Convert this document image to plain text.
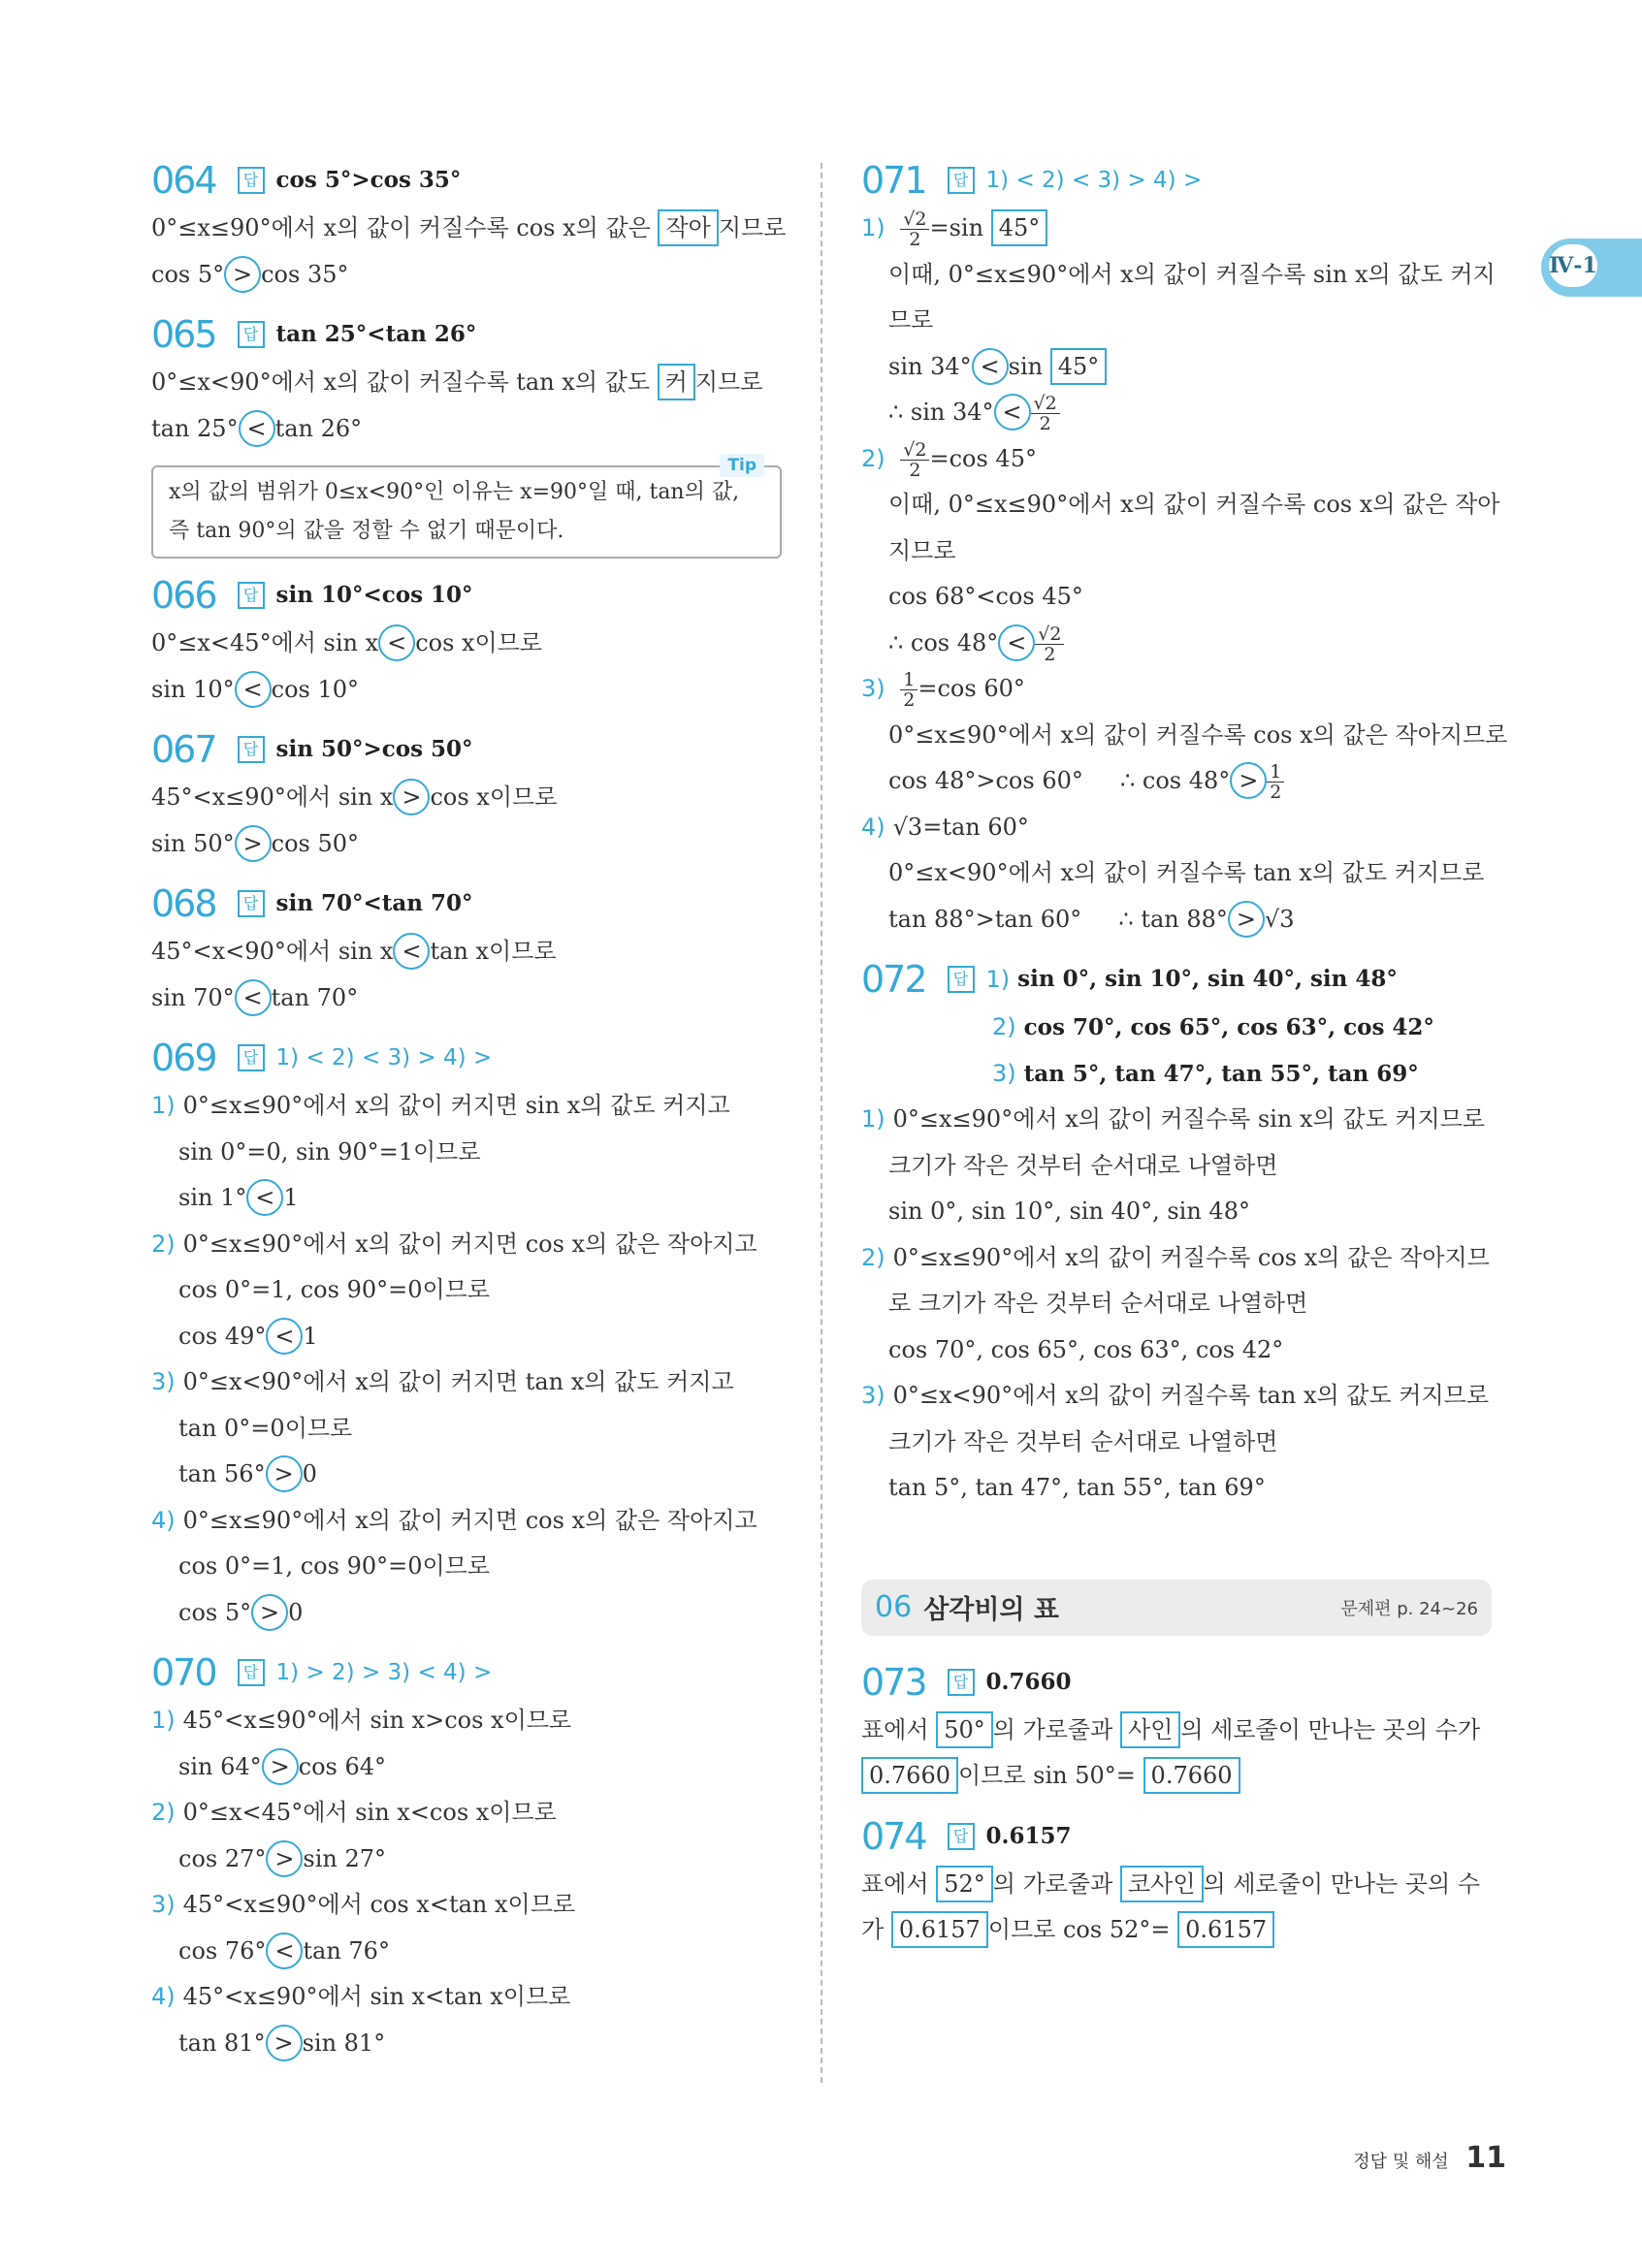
Ⅳ-1
064	답 cos 5°>cos 35°
0°≤x≤90°에서 x의 값이 커질수록 cos x의 값은 작아 지므로
cos 5° > cos 35°
065	답 tan 25°<tan 26°
0°≤x<90°에서 x의 값이 커질수록 tan x의 값도 커 지므로
tan 25° < tan 26°
Tip
x의 값의 범위가 0≤x<90°인 이유는 x=90°일 때, tan의 값,
즉 tan 90°의 값을 정할 수 없기 때문이다.
066	답 sin 10°<cos 10°
0°≤x<45°에서 sin x < cos x이므로
sin 10° < cos 10°
067	답 sin 50°>cos 50°
45°<x≤90°에서 sin x > cos x이므로
sin 50° > cos 50°
068	답 sin 70°<tan 70°
45°<x<90°에서 sin x < tan x이므로
sin 70° < tan 70°
069	답 1) < 2) < 3) > 4) >
1) 0°≤x≤90°에서 x의 값이 커지면 sin x의 값도 커지고
sin 0°=0, sin 90°=1이므로
sin 1° < 1
2) 0°≤x≤90°에서 x의 값이 커지면 cos x의 값은 작아지고
cos 0°=1, cos 90°=0이므로
cos 49° < 1
3) 0°≤x<90°에서 x의 값이 커지면 tan x의 값도 커지고
tan 0°=0이므로
tan 56° > 0
4) 0°≤x≤90°에서 x의 값이 커지면 cos x의 값은 작아지고
cos 0°=1, cos 90°=0이므로
cos 5° > 0
070	답 1) > 2) > 3) < 4) >
1) 45°<x≤90°에서 sin x>cos x이므로
sin 64° > cos 64°
2) 0°≤x<45°에서 sin x<cos x이므로
cos 27° > sin 27°
3) 45°<x≤90°에서 cos x<tan x이므로
cos 76° < tan 76°
4) 45°<x≤90°에서 sin x<tan x이므로
tan 81° > sin 81°
071	답 1) < 2) < 3) > 4) >
$1) \frac{√2}{2} =\sin$ 45°
이때, 0°≤x≤90°에서 x의 값이 커질수록 sin x의 값도 커지
므로
sin 34° < sin 45°
∴ $\sin 34^\circ < \frac{√2}{2}$
$2) \frac{√2}{2} =\cos$ 45°
이때, 0°≤x≤90°에서 x의 값이 커질수록 cos x의 값은 작아
지므로
cos 68°<cos 45°
∴ $\cos 48^\circ < \frac{√2}{2}$
$3) \frac{1}{2} =\cos$ 60°
0°≤x≤90°에서 x의 값이 커질수록 cos x의 값은 작아지므로
cos 48°>cos 60° ∴ $\cos 48^\circ > \frac{1}{2}$
4) √3=tan 60°
0°≤x<90°에서 x의 값이 커질수록 tan x의 값도 커지므로
tan 88°>tan 60° ∴ tan 88° > √3
072	답 1) sin 0°, sin 10°, sin 40°, sin 48°
2) cos 70°, cos 65°, cos 63°, cos 42°
3) tan 5°, tan 47°, tan 55°, tan 69°
1) 0°≤x≤90°에서 x의 값이 커질수록 sin x의 값도 커지므로
크기가 작은 것부터 순서대로 나열하면
sin 0°, sin 10°, sin 40°, sin 48°
2) 0°≤x≤90°에서 x의 값이 커질수록 cos x의 값은 작아지므
로 크기가 작은 것부터 순서대로 나열하면
cos 70°, cos 65°, cos 63°, cos 42°
3) 0°≤x<90°에서 x의 값이 커질수록 tan x의 값도 커지므로
크기가 작은 것부터 순서대로 나열하면
tan 5°, tan 47°, tan 55°, tan 69°
06 삼각비의 표	문제편 p. 24~26
073	답 0.7660
표에서 50° 의 가로줄과 사인 의 세로줄이 만나는 곳의 수가
0.7660 이므로 sin 50°= 0.7660
074	답 0.6157
표에서 52° 의 가로줄과 코사인 의 세로줄이 만나는 곳의 수
가 0.6157 이므로 cos 52°= 0.6157
정답 및 해설 11
